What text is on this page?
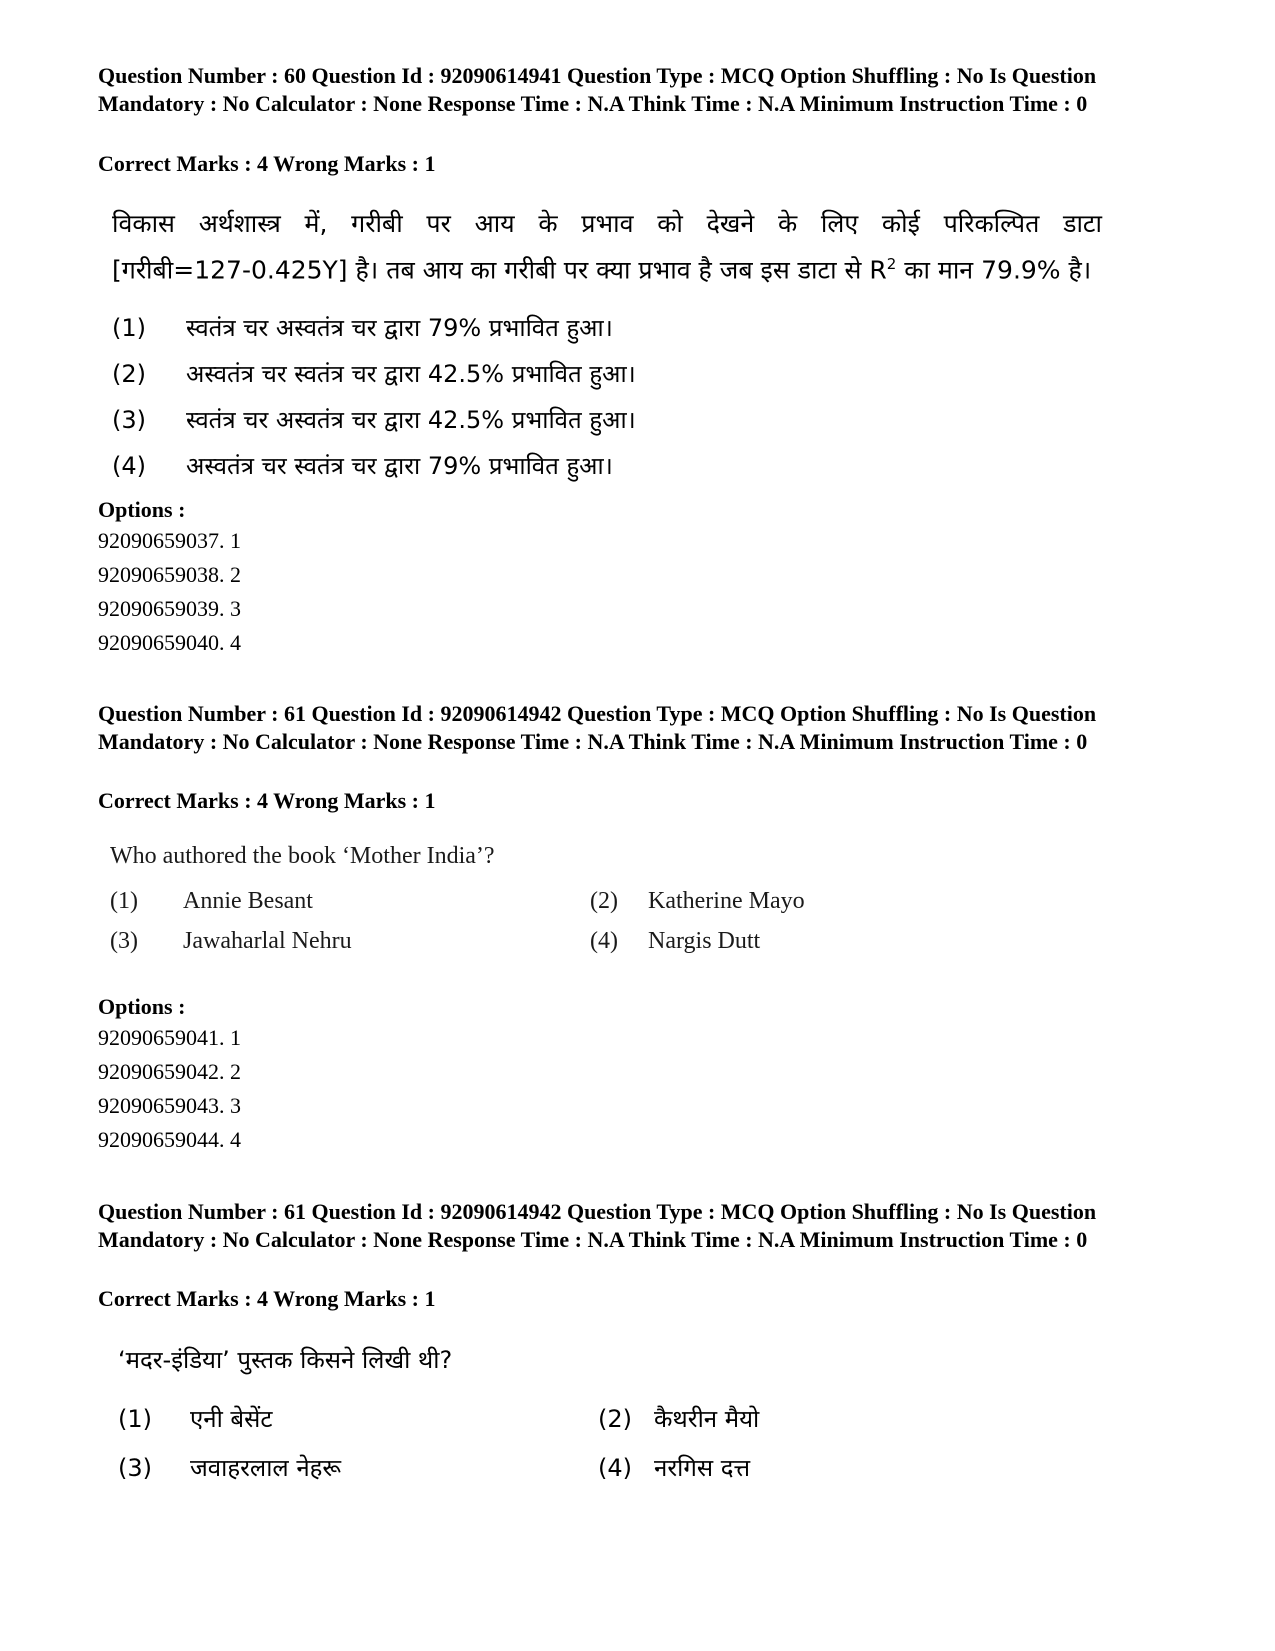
Question Number : 60 Question Id : 92090614941 Question Type : MCQ Option Shuffling : No Is Question Mandatory : No Calculator : None Response Time : N.A Think Time : N.A Minimum Instruction Time : 0

Correct Marks : 4 Wrong Marks : 1

विकास अर्थशास्त्र में, गरीबी पर आय के प्रभाव को देखने के लिए कोई परिकल्पित डाटा
[गरीबी=127-0.425Y] है। तब आय का गरीबी पर क्या प्रभाव है जब इस डाटा से $R^2$ का मान 79.9% है।
(1) स्वतंत्र चर अस्वतंत्र चर द्वारा 79% प्रभावित हुआ।
(2) अस्वतंत्र चर स्वतंत्र चर द्वारा 42.5% प्रभावित हुआ।
(3) स्वतंत्र चर अस्वतंत्र चर द्वारा 42.5% प्रभावित हुआ।
(4) अस्वतंत्र चर स्वतंत्र चर द्वारा 79% प्रभावित हुआ।

Options :

92090659037. 1
92090659038. 2
92090659039. 3
92090659040. 4

Question Number : 61 Question Id : 92090614942 Question Type : MCQ Option Shuffling : No Is Question Mandatory : No Calculator : None Response Time : N.A Think Time : N.A Minimum Instruction Time : 0

Correct Marks : 4 Wrong Marks : 1

Who authored the book ‘Mother India’?

(1) Annie Besant	(2) Katherine Mayo
(3) Jawaharlal Nehru	(4) Nargis Dutt

Options :

92090659041. 1
92090659042. 2
92090659043. 3
92090659044. 4

Question Number : 61 Question Id : 92090614942 Question Type : MCQ Option Shuffling : No Is Question Mandatory : No Calculator : None Response Time : N.A Think Time : N.A Minimum Instruction Time : 0

Correct Marks : 4 Wrong Marks : 1

‘मदर-इंडिया’ पुस्तक किसने लिखी थी?

(1) एनी बेसेंट	(2) कैथरीन मैयो
(3) जवाहरलाल नेहरू	(4) नरगिस दत्त
